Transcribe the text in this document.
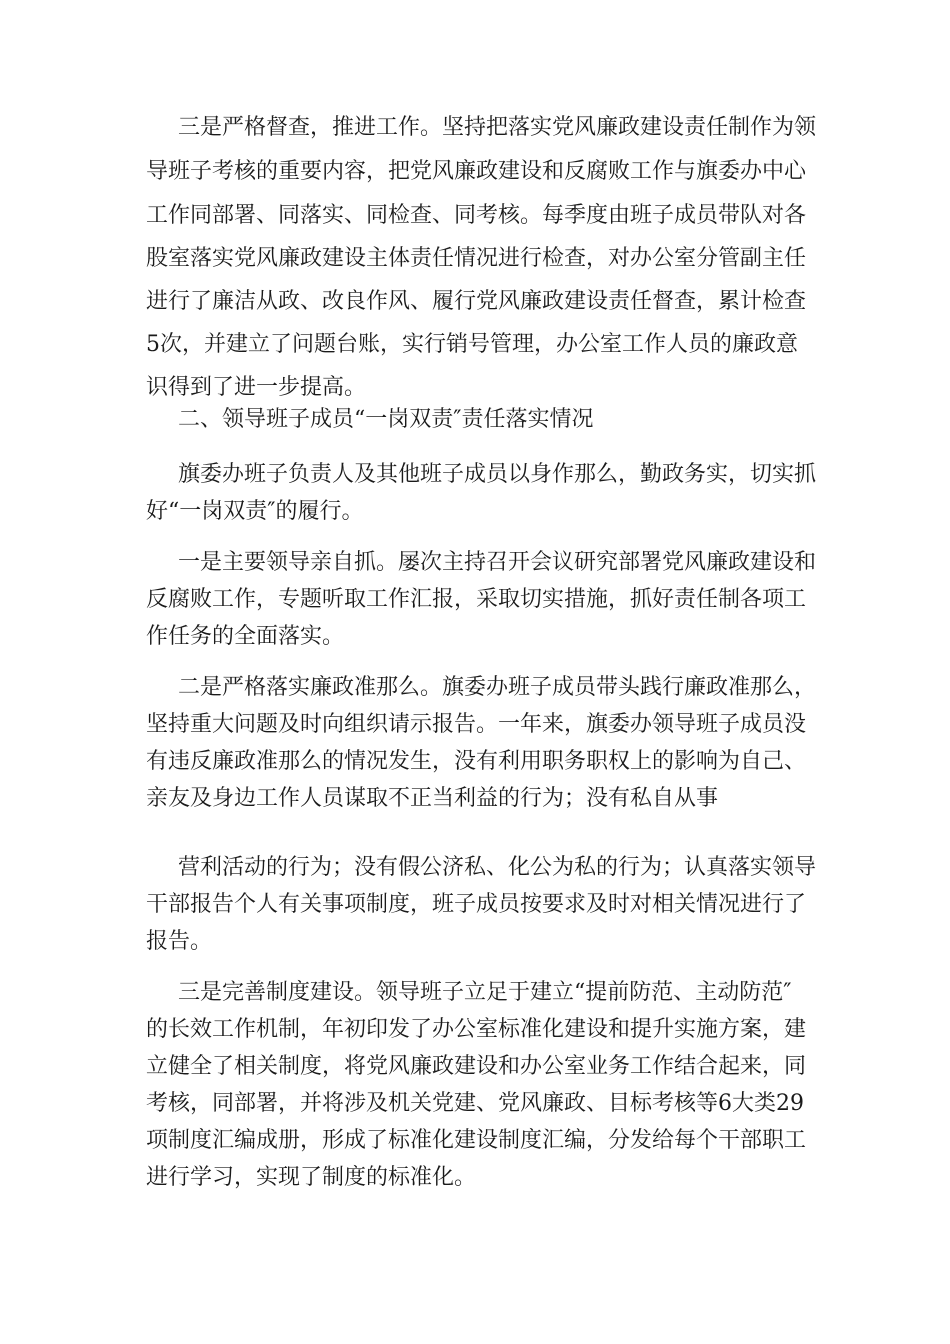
三是严格督查，推进工作。坚持把落实党风廉政建设责任制作为领
导班子考核的重要内容，把党风廉政建设和反腐败工作与旗委办中心
工作同部署、同落实、同检查、同考核。每季度由班子成员带队对各
股室落实党风廉政建设主体责任情况进行检查，对办公室分管副主任
进行了廉洁从政、改良作风、履行党风廉政建设责任督查，累计检查
5次，并建立了问题台账，实行销号管理，办公室工作人员的廉政意
识得到了进一步提高。
二、领导班子成员“一岗双责″责任落实情况
旗委办班子负责人及其他班子成员以身作那么，勤政务实，切实抓
好“一岗双责″的履行。
一是主要领导亲自抓。屡次主持召开会议研究部署党风廉政建设和
反腐败工作，专题听取工作汇报，采取切实措施，抓好责任制各项工
作任务的全面落实。
二是严格落实廉政准那么。旗委办班子成员带头践行廉政准那么，
坚持重大问题及时向组织请示报告。一年来，旗委办领导班子成员没
有违反廉政准那么的情况发生，没有利用职务职权上的影响为自己、
亲友及身边工作人员谋取不正当利益的行为；没有私自从事
营利活动的行为；没有假公济私、化公为私的行为；认真落实领导
干部报告个人有关事项制度，班子成员按要求及时对相关情况进行了
报告。
三是完善制度建设。领导班子立足于建立“提前防范、主动防范″
的长效工作机制，年初印发了办公室标准化建设和提升实施方案，建
立健全了相关制度，将党风廉政建设和办公室业务工作结合起来，同
考核，同部署，并将涉及机关党建、党风廉政、目标考核等6大类29
项制度汇编成册，形成了标准化建设制度汇编，分发给每个干部职工
进行学习，实现了制度的标准化。
